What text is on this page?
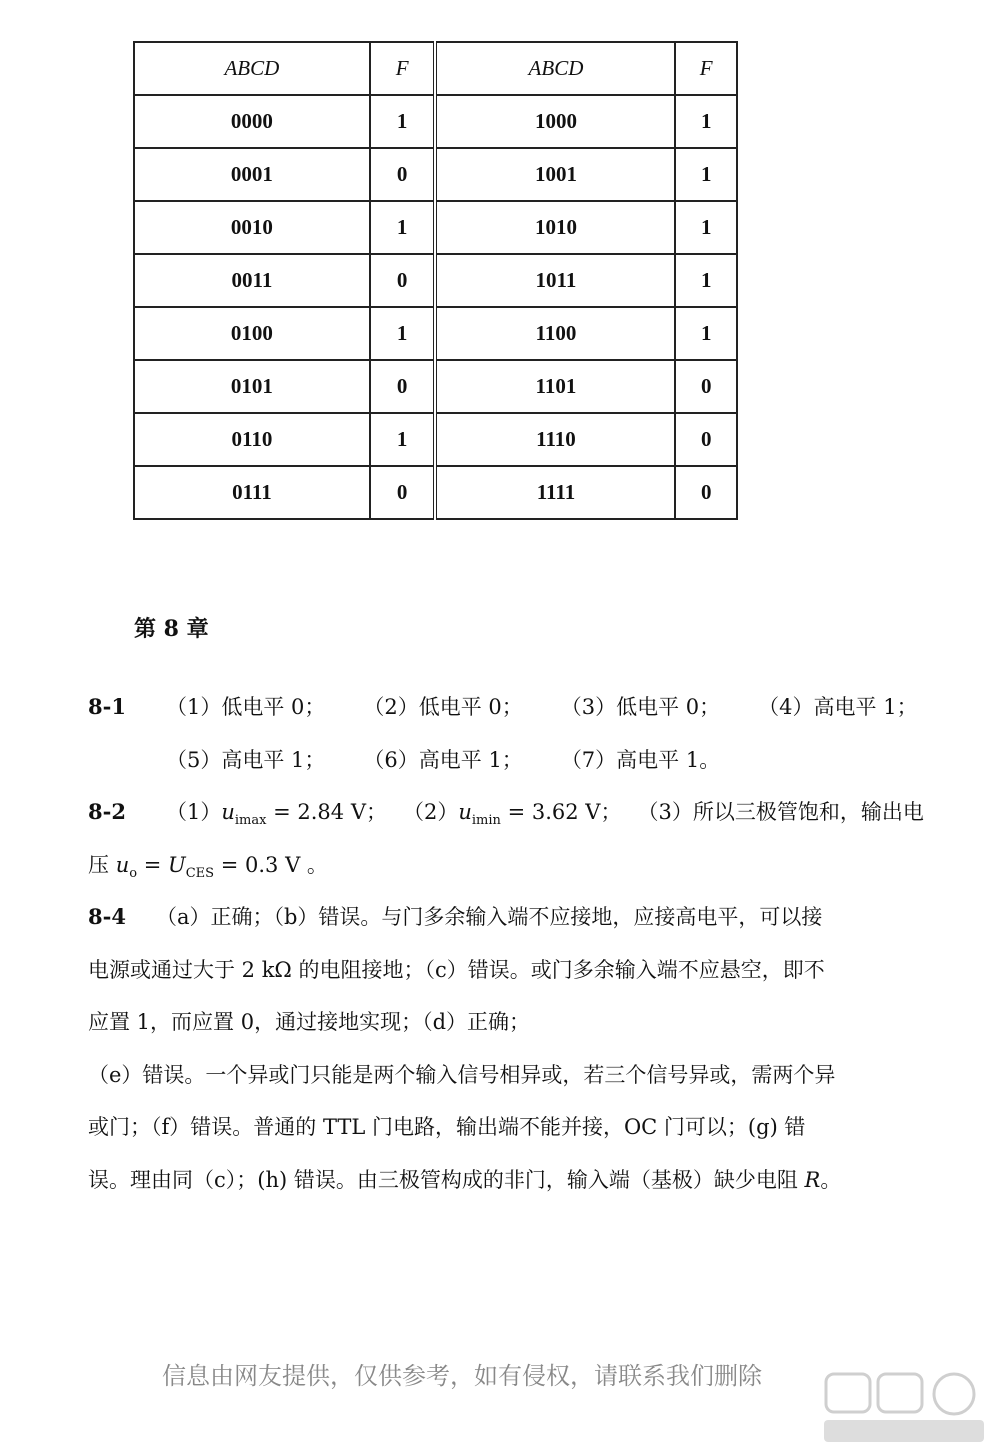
ABCD	F	ABCD	F
0000	1	1000	1
0001	0	1001	1
0010	1	1010	1
0011	0	1011	1
0100	1	1100	1
0101	0	1101	0
0110	1	1110	0
0111	0	1111	0
第 8 章
8-1 （1）低电平 0； （2）低电平 0； （3）低电平 0； （4）高电平 1；
（5）高电平 1； （6）高电平 1； （7）高电平 1。
8-2 $(1)u_{imax} = 2.84$ V； $(2)u_{imin} = 3.62$ V； （3）所以三极管饱和，输出电
压 $u_o = U_{CES} = 0.3$ V 。
8-4 （a）正确；（b）错误。与门多余输入端不应接地，应接高电平，可以接
电源或通过大于 2 kΩ 的电阻接地；（c）错误。或门多余输入端不应悬空，即不
应置 1，而应置 0，通过接地实现；（d）正确；
（e）错误。一个异或门只能是两个输入信号相异或，若三个信号异或，需两个异
或门；（f）错误。普通的 TTL 门电路，输出端不能并接，OC 门可以；(g) 错
误。理由同（c）；(h) 错误。由三极管构成的非门，输入端（基极）缺少电阻 R。
信息由网友提供，仅供参考，如有侵权，请联系我们删除
